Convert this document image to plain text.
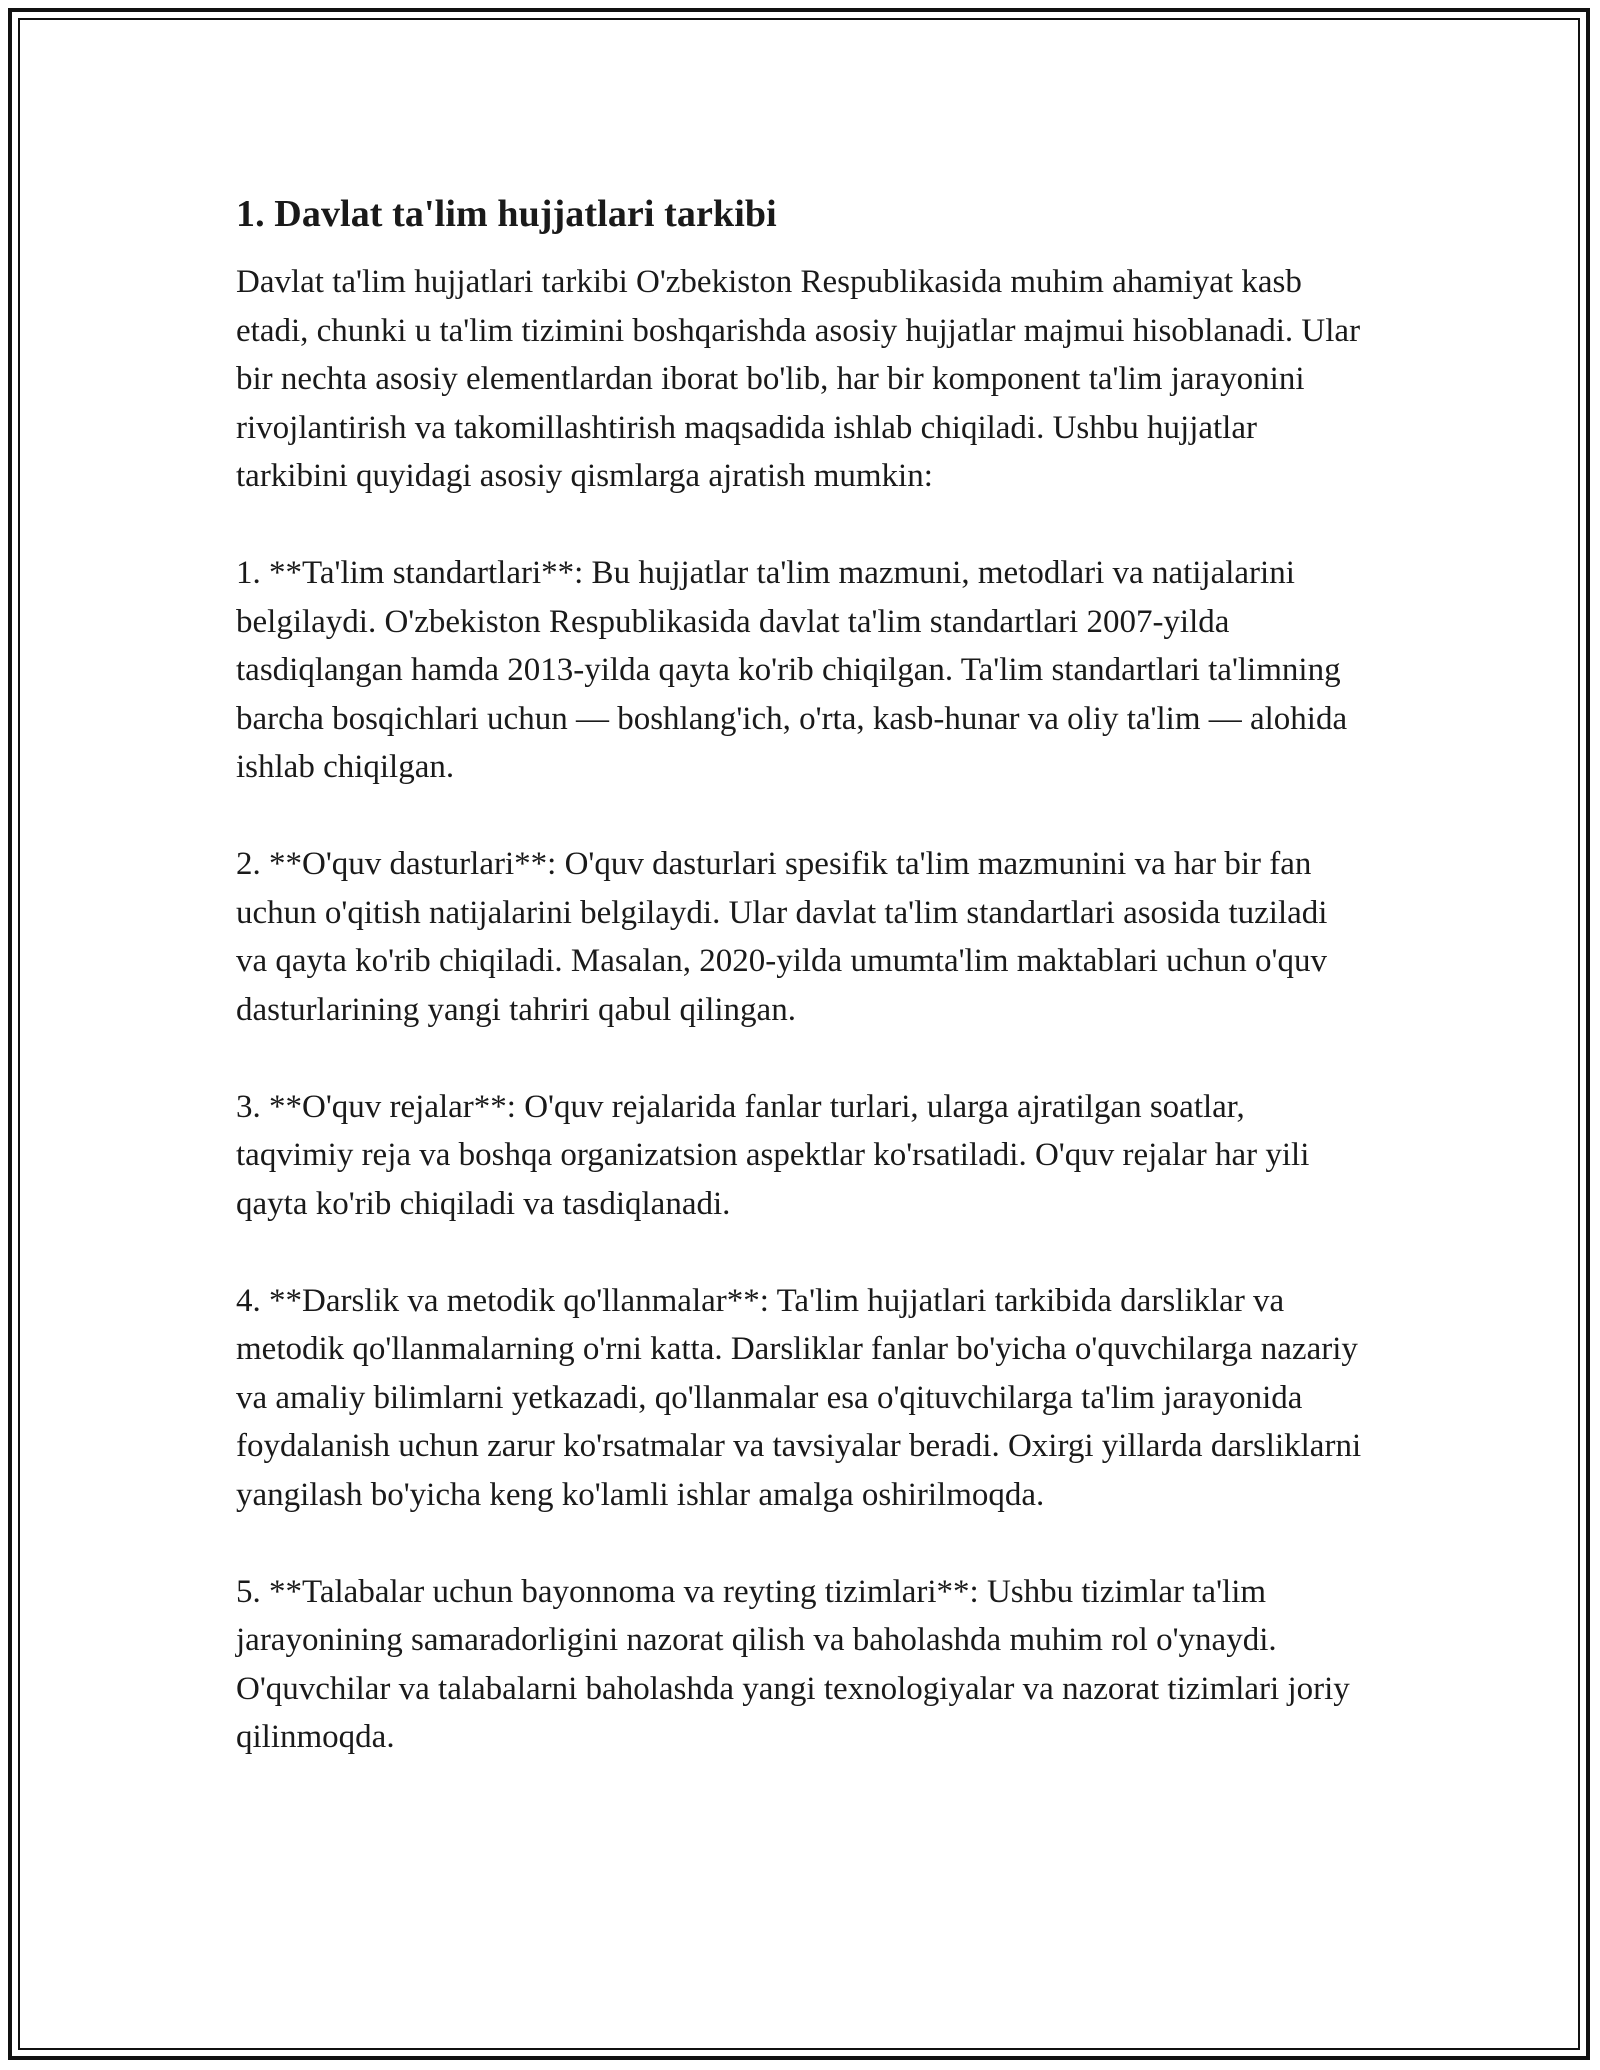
1. Davlat ta'lim hujjatlari tarkibi

Davlat ta'lim hujjatlari tarkibi O'zbekiston Respublikasida muhim ahamiyat kasb etadi, chunki u ta'lim tizimini boshqarishda asosiy hujjatlar majmui hisoblanadi. Ular bir nechta asosiy elementlardan iborat bo'lib, har bir komponent ta'lim jarayonini rivojlantirish va takomillashtirish maqsadida ishlab chiqiladi. Ushbu hujjatlar tarkibini quyidagi asosiy qismlarga ajratish mumkin:

1. **Ta'lim standartlari**: Bu hujjatlar ta'lim mazmuni, metodlari va natijalarini belgilaydi. O'zbekiston Respublikasida davlat ta'lim standartlari 2007-yilda tasdiqlangan hamda 2013-yilda qayta ko'rib chiqilgan. Ta'lim standartlari ta'limning barcha bosqichlari uchun — boshlang'ich, o'rta, kasb-hunar va oliy ta'lim — alohida ishlab chiqilgan.

2. **O'quv dasturlari**: O'quv dasturlari spesifik ta'lim mazmunini va har bir fan uchun o'qitish natijalarini belgilaydi. Ular davlat ta'lim standartlari asosida tuziladi va qayta ko'rib chiqiladi. Masalan, 2020-yilda umumta'lim maktablari uchun o'quv dasturlarining yangi tahriri qabul qilingan.

3. **O'quv rejalar**: O'quv rejalarida fanlar turlari, ularga ajratilgan soatlar, taqvimiy reja va boshqa organizatsion aspektlar ko'rsatiladi. O'quv rejalar har yili qayta ko'rib chiqiladi va tasdiqlanadi.

4. **Darslik va metodik qo'llanmalar**: Ta'lim hujjatlari tarkibida darsliklar va metodik qo'llanmalarning o'rni katta. Darsliklar fanlar bo'yicha o'quvchilarga nazariy va amaliy bilimlarni yetkazadi, qo'llanmalar esa o'qituvchilarga ta'lim jarayonida foydalanish uchun zarur ko'rsatmalar va tavsiyalar beradi. Oxirgi yillarda darsliklarni yangilash bo'yicha keng ko'lamli ishlar amalga oshirilmoqda.

5. **Talabalar uchun bayonnoma va reyting tizimlari**: Ushbu tizimlar ta'lim jarayonining samaradorligini nazorat qilish va baholashda muhim rol o'ynaydi. O'quvchilar va talabalarni baholashda yangi texnologiyalar va nazorat tizimlari joriy qilinmoqda.
